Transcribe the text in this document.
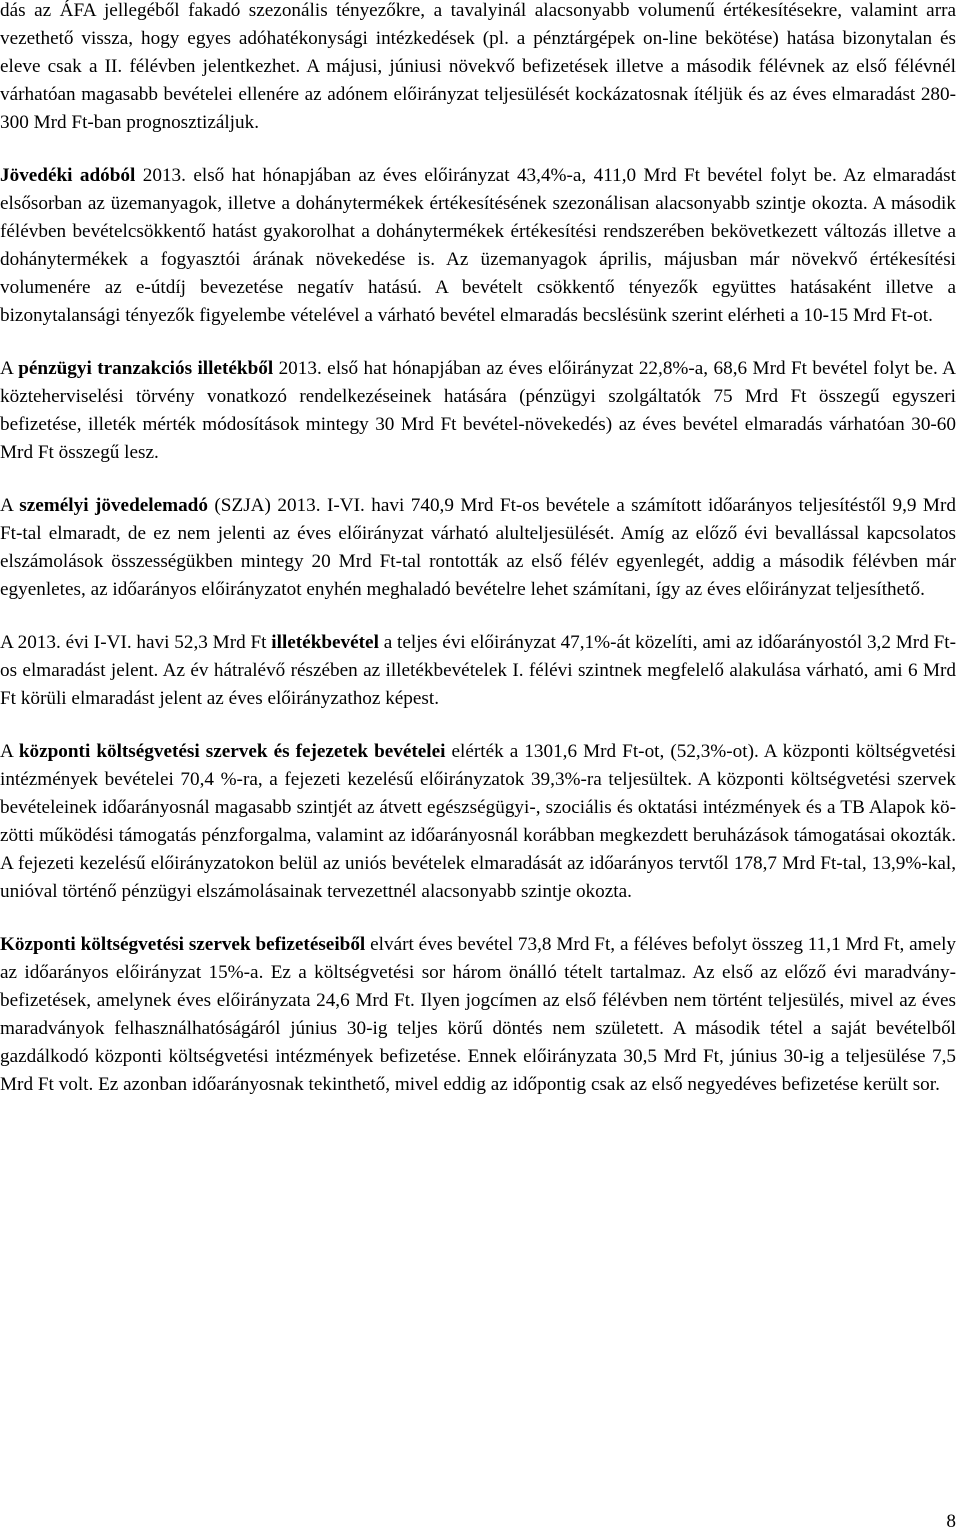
dás az ÁFA jellegéből fakadó szezonális tényezőkre, a tavalyinál alacsonyabb volumenű értékesítésekre, valamint arra vezethető vissza, hogy egyes adóhatékonysági intézkedések (pl. a pénztárgépek on-line bekötése) hatása bizonytalan és eleve csak a II. félévben jelentkezhet. A májusi, júniusi növekvő befizetések illetve a második félévnek az első félévnél várhatóan magasabb bevételei ellenére az adónem előirányzat teljesülését kockázatosnak ítéljük és az éves elmaradást 280-300 Mrd Ft-ban prognosztizáljuk.

Jövedéki adóból 2013. első hat hónapjában az éves előirányzat 43,4%-a, 411,0 Mrd Ft bevétel folyt be. Az elmaradást elsősorban az üzemanyagok, illetve a dohánytermékek értékesítésének szezonálisan alacsonyabb szintje okozta. A második félévben bevételcsökkentő hatást gyakorolhat a dohánytermékek értékesítési rendszerében bekövetkezett változás illetve a dohánytermékek a fogyasztói árának növekedése is. Az üzemanyagok április, májusban már növekvő értékesítési volumenére az e-útdíj bevezetése negatív hatású. A bevételt csökkentő tényezők együttes hatásaként illetve a bizonytalansági tényezők figyelembe vételével a várható bevétel elmaradás becslésünk szerint elérheti a 10-15 Mrd Ft-ot.

A pénzügyi tranzakciós illetékből 2013. első hat hónapjában az éves előirányzat 22,8%-a, 68,6 Mrd Ft bevétel folyt be. A közteherviselési törvény vonatkozó rendelkezéseinek hatására (pénzügyi szolgáltatók 75 Mrd Ft összegű egyszeri befizetése, illeték mérték módosítások mintegy 30 Mrd Ft bevétel-növekedés) az éves bevétel elmaradás várhatóan 30-60 Mrd Ft összegű lesz.

A személyi jövedelemadó (SZJA) 2013. I-VI. havi 740,9 Mrd Ft-os bevétele a számított időarányos teljesítéstől 9,9 Mrd Ft-tal elmaradt, de ez nem jelenti az éves előirányzat várható alulteljesülését. Amíg az előző évi bevallással kapcsolatos elszámolások összességükben mintegy 20 Mrd Ft-tal rontották az első félév egyenlegét, addig a második félévben már egyenletes, az időarányos előirányzatot enyhén meghaladó bevételre lehet számítani, így az éves előirányzat teljesíthető.

A 2013. évi I-VI. havi 52,3 Mrd Ft illetékbevétel a teljes évi előirányzat 47,1%-át közelíti, ami az időarányostól 3,2 Mrd Ft-os elmaradást jelent. Az év hátralévő részében az illetékbevételek I. félévi szintnek megfelelő alakulása várható, ami 6 Mrd Ft körüli elmaradást jelent az éves előirányzathoz képest.

A központi költségvetési szervek és fejezetek bevételei elérték a 1301,6 Mrd Ft-ot, (52,3%-ot). A központi költségvetési intézmények bevételei 70,4 %-ra, a fejezeti kezelésű előirányzatok 39,3%-ra teljesültek. A központi költségvetési szervek bevételeinek időarányosnál magasabb szintjét az átvett egészségügyi-, szociális és oktatási intézmények és a TB Alapok közötti működési támogatás pénzforgalma, valamint az időarányosnál korábban megkezdett beruházások támogatásai okozták. A fejezeti kezelésű előirányzatokon belül az uniós bevételek elmaradását az időarányos tervtől 178,7 Mrd Ft-tal, 13,9%-kal, unióval történő pénzügyi elszámolásainak tervezettnél alacsonyabb szintje okozta.

Központi költségvetési szervek befizetéseiből elvárt éves bevétel 73,8 Mrd Ft, a féléves befolyt összeg 11,1 Mrd Ft, amely az időarányos előirányzat 15%-a. Ez a költségvetési sor három önálló tételt tartalmaz. Az első az előző évi maradvány-befizetések, amelynek éves előirányzata 24,6 Mrd Ft. Ilyen jogcímen az első félévben nem történt teljesülés, mivel az éves maradványok felhasználhatóságáról június 30-ig teljes körű döntés nem született. A második tétel a saját bevételből gazdálkodó központi költségvetési intézmények befizetése. Ennek előirányzata 30,5 Mrd Ft, június 30-ig a teljesülése 7,5 Mrd Ft volt. Ez azonban időarányosnak tekinthető, mivel eddig az időpontig csak az első negyedéves befizetése került sor.

8
